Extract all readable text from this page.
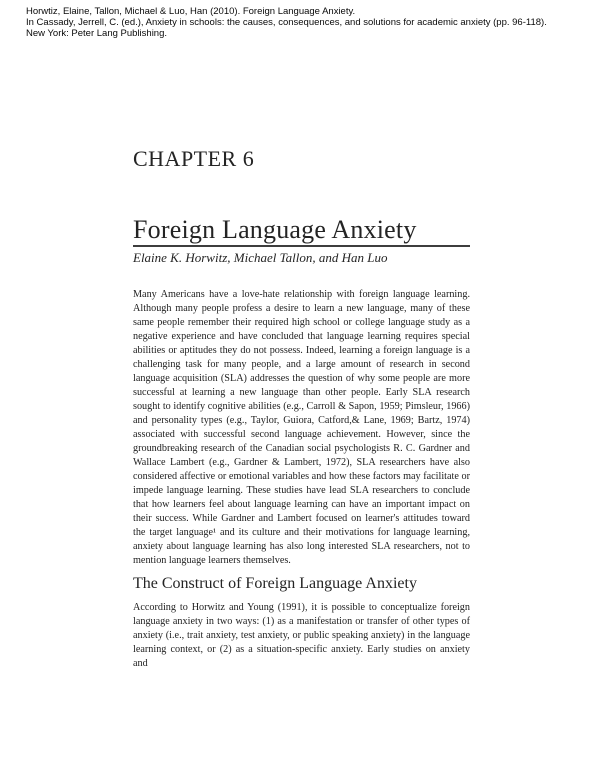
Horwtiz, Elaine, Tallon, Michael & Luo, Han (2010). Foreign Language Anxiety.
In Cassady, Jerrell, C. (ed.), Anxiety in schools: the causes, consequences, and solutions for academic anxiety (pp. 96-118).
New York: Peter Lang Publishing.
CHAPTER 6
Foreign Language Anxiety
Elaine K. Horwitz, Michael Tallon, and Han Luo

Many Americans have a love-hate relationship with foreign language learning. Although many people profess a desire to learn a new language, many of these same people remember their required high school or college language study as a negative experience and have concluded that language learning requires special abilities or aptitudes they do not possess. Indeed, learning a foreign language is a challenging task for many people, and a large amount of research in second language acquisition (SLA) addresses the question of why some people are more successful at learning a new language than other people. Early SLA research sought to identify cognitive abilities (e.g., Carroll & Sapon, 1959; Pimsleur, 1966) and personality types (e.g., Taylor, Guiora, Catford,& Lane, 1969; Bartz, 1974) associated with successful second language achievement. However, since the groundbreaking research of the Canadian social psychologists R. C. Gardner and Wallace Lambert (e.g., Gardner & Lambert, 1972), SLA researchers have also considered affective or emotional variables and how these factors may facilitate or impede language learning. These studies have lead SLA researchers to conclude that how learners feel about language learning can have an important impact on their success. While Gardner and Lambert focused on learner's attitudes toward the target language¹ and its culture and their motivations for language learning, anxiety about language learning has also long interested SLA researchers, not to mention language learners themselves.

The Construct of Foreign Language Anxiety

According to Horwitz and Young (1991), it is possible to conceptualize foreign language anxiety in two ways: (1) as a manifestation or transfer of other types of anxiety (i.e., trait anxiety, test anxiety, or public speaking anxiety) in the language learning context, or (2) as a situation-specific anxiety. Early studies on anxiety and
